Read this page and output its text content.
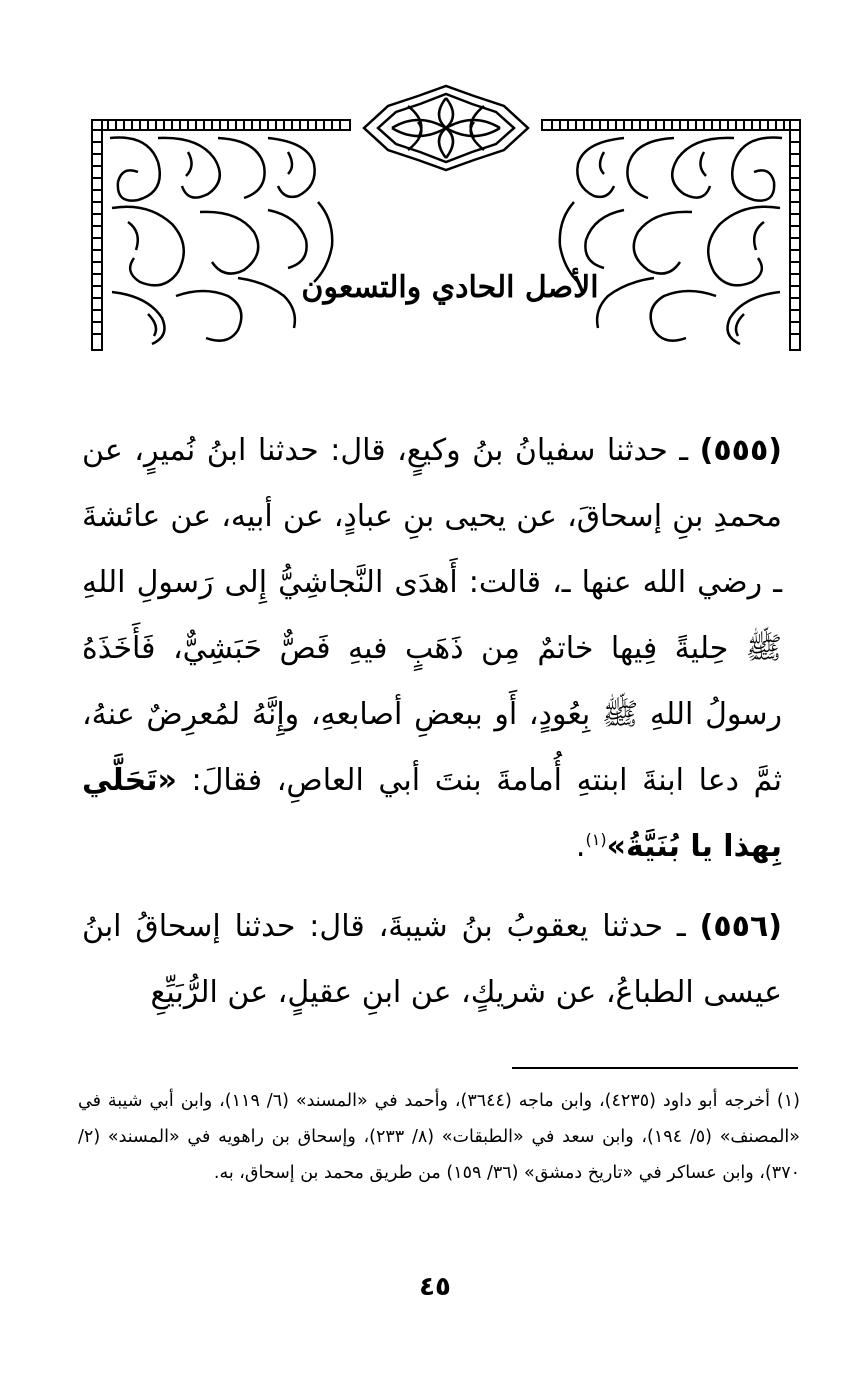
الأصل الحادي والتسعون

(٥٥٥) ـ حدثنا سفيانُ بنُ وكيعٍ، قال: حدثنا ابنُ نُميرٍ، عن محمدِ بنِ إسحاقَ، عن يحيى بنِ عبادٍ، عن أبيه، عن عائشةَ ـ رضي الله عنها ـ، قالت: أَهدَى النَّجاشِيُّ إِلى رَسولِ اللهِ ﷺ حِليةً فِيها خاتمٌ مِن ذَهَبٍ فيهِ فَصٌّ حَبَشِيٌّ، فَأَخَذَهُ رسولُ اللهِ ﷺ بِعُودٍ، أَو ببعضِ أصابعهِ، وإِنَّهُ لمُعرِضٌ عنهُ، ثمَّ دعا ابنةَ ابنتهِ أُمامةَ بنتَ أبي العاصِ، فقالَ: «تَحَلَّي بِهذا يا بُنَيَّةُ»$^{(١)}$.

(٥٥٦) ـ حدثنا يعقوبُ بنُ شيبةَ، قال: حدثنا إسحاقُ ابنُ عيسى الطباعُ، عن شريكٍ، عن ابنِ عقيلٍ، عن الرُّبَيِّعِ

(١) أخرجه أبو داود (٤٢٣٥)، وابن ماجه (٣٦٤٤)، وأحمد في «المسند» (٦/ ١١٩)، وابن أبي شيبة في «المصنف» (٥/ ١٩٤)، وابن سعد في «الطبقات» (٨/ ٢٣٣)، وإسحاق بن راهويه في «المسند» (٢/ ٣٧٠)، وابن عساكر في «تاريخ دمشق» (٣٦/ ١٥٩) من طريق محمد بن إسحاق، به.
٤٥
